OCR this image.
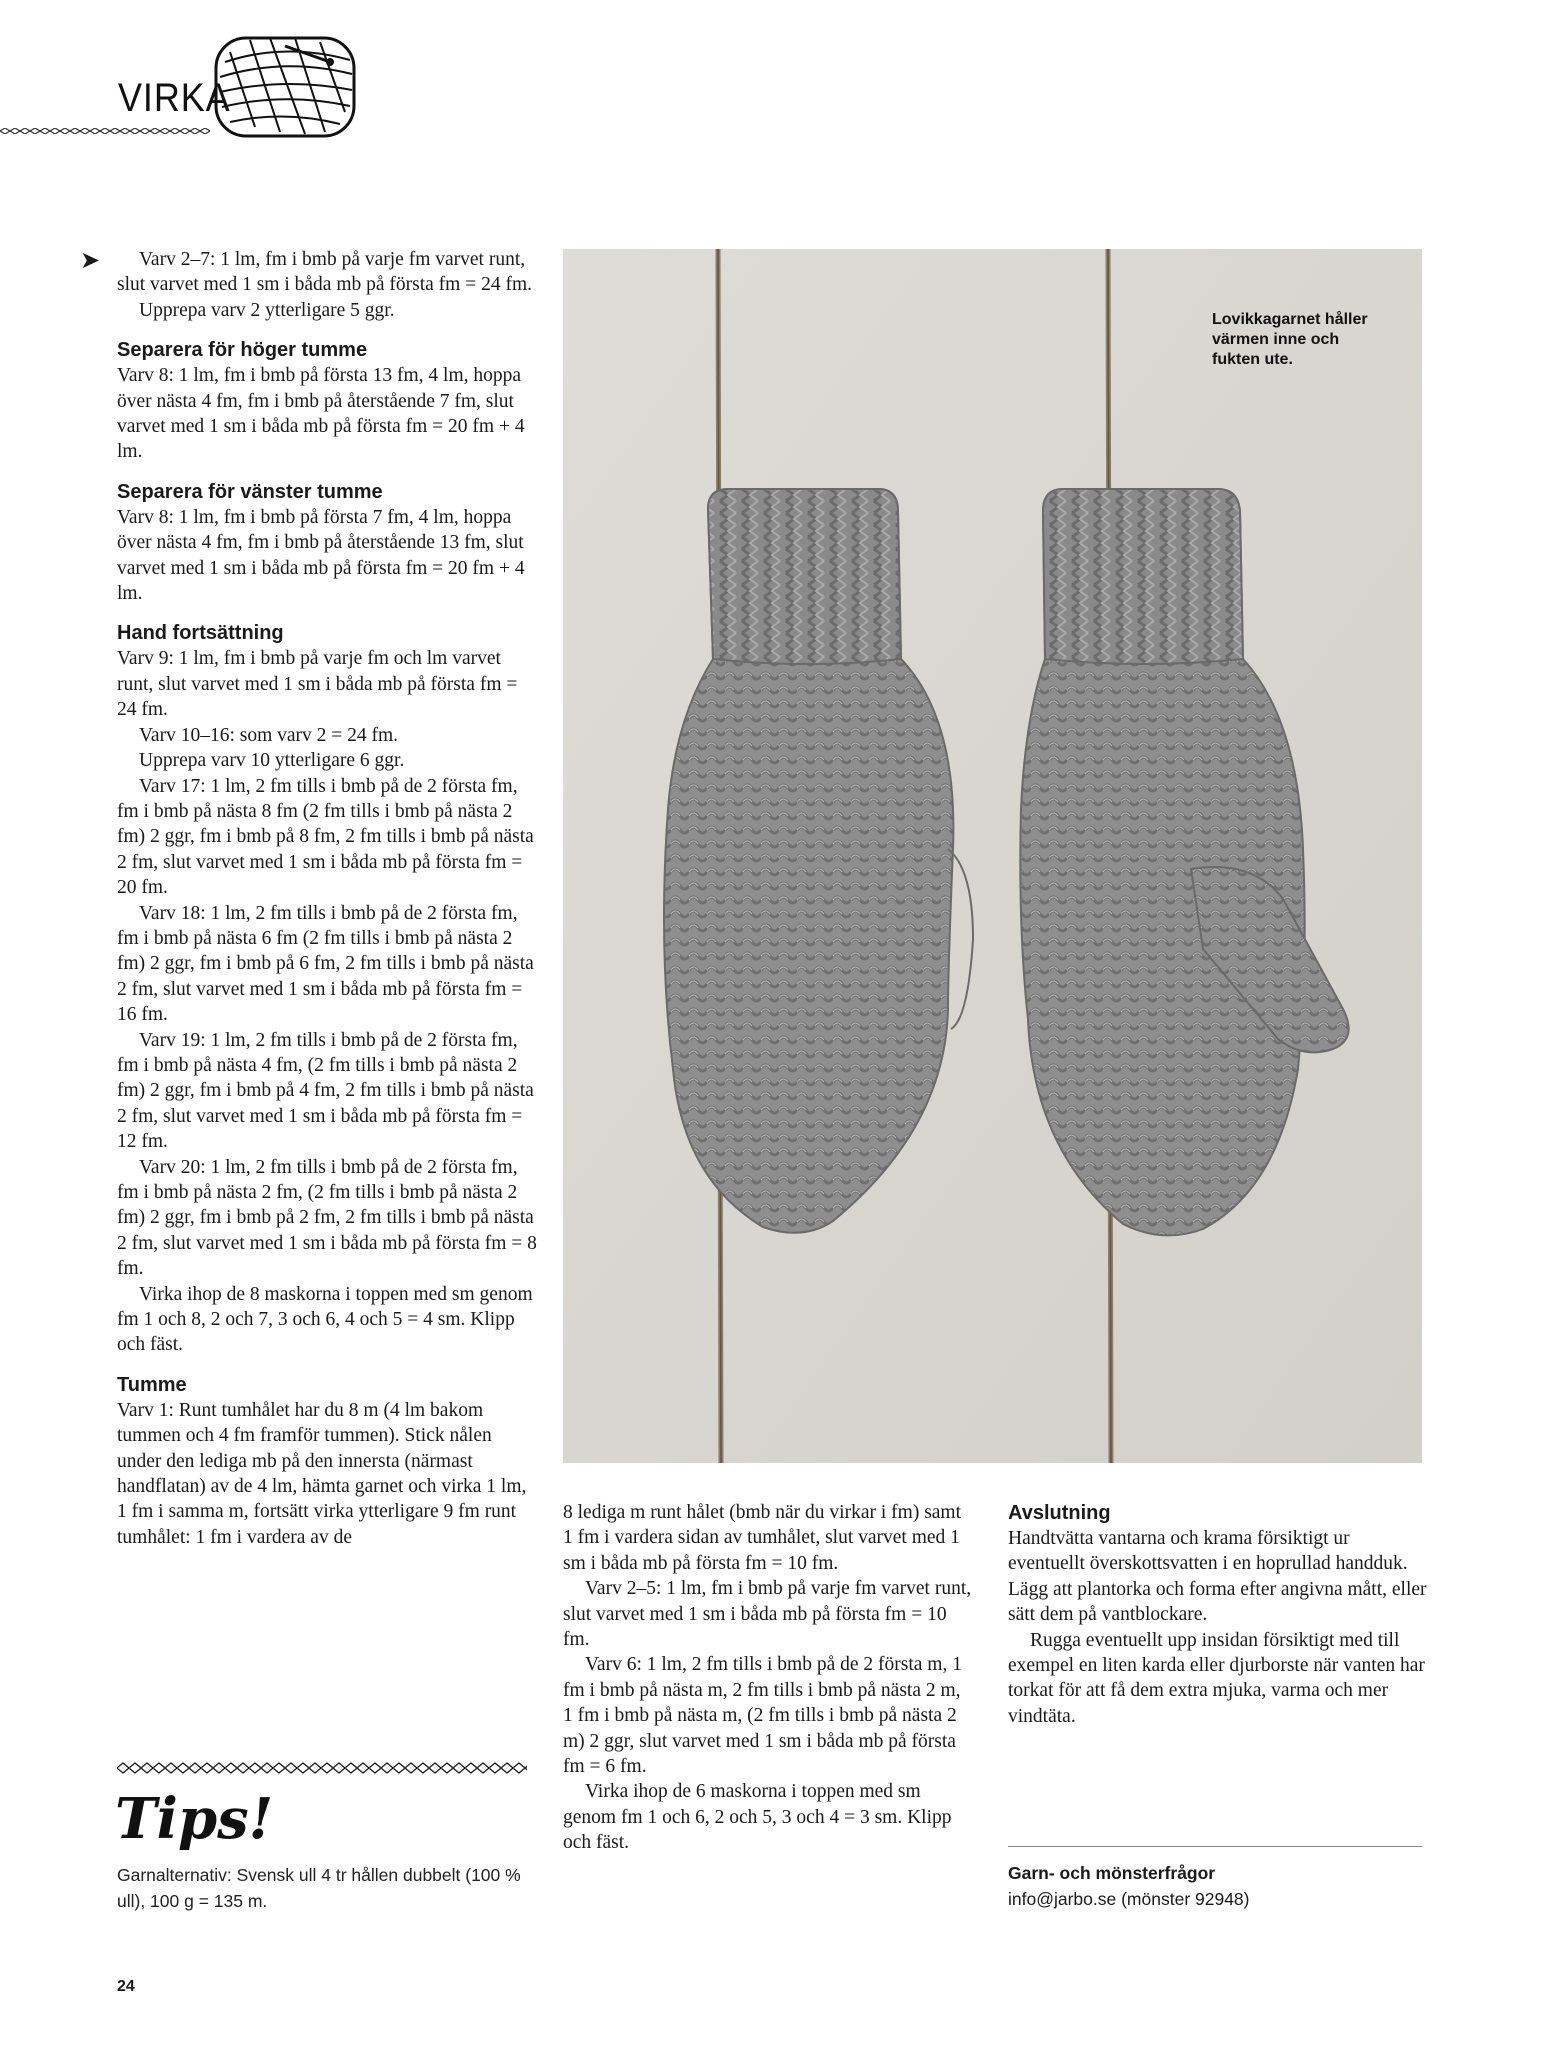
VIRKA
➤	Varv 2–7: 1 lm, fm i bmb på varje fm varvet runt, slut varvet med 1 sm i båda mb på första fm = 24 fm.

Upprepa varv 2 ytterligare 5 ggr.

Separera för höger tumme

Varv 8: 1 lm, fm i bmb på första 13 fm, 4 lm, hoppa över nästa 4 fm, fm i bmb på återstående 7 fm, slut varvet med 1 sm i båda mb på första fm = 20 fm + 4 lm.

Separera för vänster tumme

Varv 8: 1 lm, fm i bmb på första 7 fm, 4 lm, hoppa över nästa 4 fm, fm i bmb på återstående 13 fm, slut varvet med 1 sm i båda mb på första fm = 20 fm + 4 lm.

Hand fortsättning

Varv 9: 1 lm, fm i bmb på varje fm och lm varvet runt, slut varvet med 1 sm i båda mb på första fm = 24 fm.

Varv 10–16: som varv 2 = 24 fm.

Upprepa varv 10 ytterligare 6 ggr.

Varv 17: 1 lm, 2 fm tills i bmb på de 2 första fm, fm i bmb på nästa 8 fm (2 fm tills i bmb på nästa 2 fm) 2 ggr, fm i bmb på 8 fm, 2 fm tills i bmb på nästa 2 fm, slut varvet med 1 sm i båda mb på första fm = 20 fm.

Varv 18: 1 lm, 2 fm tills i bmb på de 2 första fm, fm i bmb på nästa 6 fm (2 fm tills i bmb på nästa 2 fm) 2 ggr, fm i bmb på 6 fm, 2 fm tills i bmb på nästa 2 fm, slut varvet med 1 sm i båda mb på första fm = 16 fm.

Varv 19: 1 lm, 2 fm tills i bmb på de 2 första fm, fm i bmb på nästa 4 fm, (2 fm tills i bmb på nästa 2 fm) 2 ggr, fm i bmb på 4 fm, 2 fm tills i bmb på nästa 2 fm, slut varvet med 1 sm i båda mb på första fm = 12 fm.

Varv 20: 1 lm, 2 fm tills i bmb på de 2 första fm, fm i bmb på nästa 2 fm, (2 fm tills i bmb på nästa 2 fm) 2 ggr, fm i bmb på 2 fm, 2 fm tills i bmb på nästa 2 fm, slut varvet med 1 sm i båda mb på första fm = 8 fm.

Virka ihop de 8 maskorna i toppen med sm genom fm 1 och 8, 2 och 7, 3 och 6, 4 och 5 = 4 sm. Klipp och fäst.

Tumme

Varv 1: Runt tumhålet har du 8 m (4 lm bakom tummen och 4 fm framför tummen). Stick nålen under den lediga mb på den innersta (närmast handflatan) av de 4 lm, hämta garnet och virka 1 lm, 1 fm i samma m, fortsätt virka ytterligare 9 fm runt tumhålet: 1 fm i vardera av de

Lovikkagarnet håller värmen inne och fukten ute.

8 lediga m runt hålet (bmb när du virkar i fm) samt 1 fm i vardera sidan av tumhålet, slut varvet med 1 sm i båda mb på första fm = 10 fm.

Varv 2–5: 1 lm, fm i bmb på varje fm varvet runt, slut varvet med 1 sm i båda mb på första fm = 10 fm.

Varv 6: 1 lm, 2 fm tills i bmb på de 2 första m, 1 fm i bmb på nästa m, 2 fm tills i bmb på nästa 2 m, 1 fm i bmb på nästa m, (2 fm tills i bmb på nästa 2 m) 2 ggr, slut varvet med 1 sm i båda mb på första fm = 6 fm.

Virka ihop de 6 maskorna i toppen med sm genom fm 1 och 6, 2 och 5, 3 och 4 = 3 sm. Klipp och fäst.

Avslutning

Handtvätta vantarna och krama försiktigt ur eventuellt överskottsvatten i en hoprullad handduk. Lägg att plantorka och forma efter angivna mått, eller sätt dem på vantblockare.

Rugga eventuellt upp insidan försiktigt med till exempel en liten karda eller djurborste när vanten har torkat för att få dem extra mjuka, varma och mer vindtäta.

Tips!
Garnalternativ: Svensk ull 4 tr hållen dubbelt (100 % ull), 100 g = 135 m.
Garn- och mönsterfrågor
info@jarbo.se (mönster 92948)
24
